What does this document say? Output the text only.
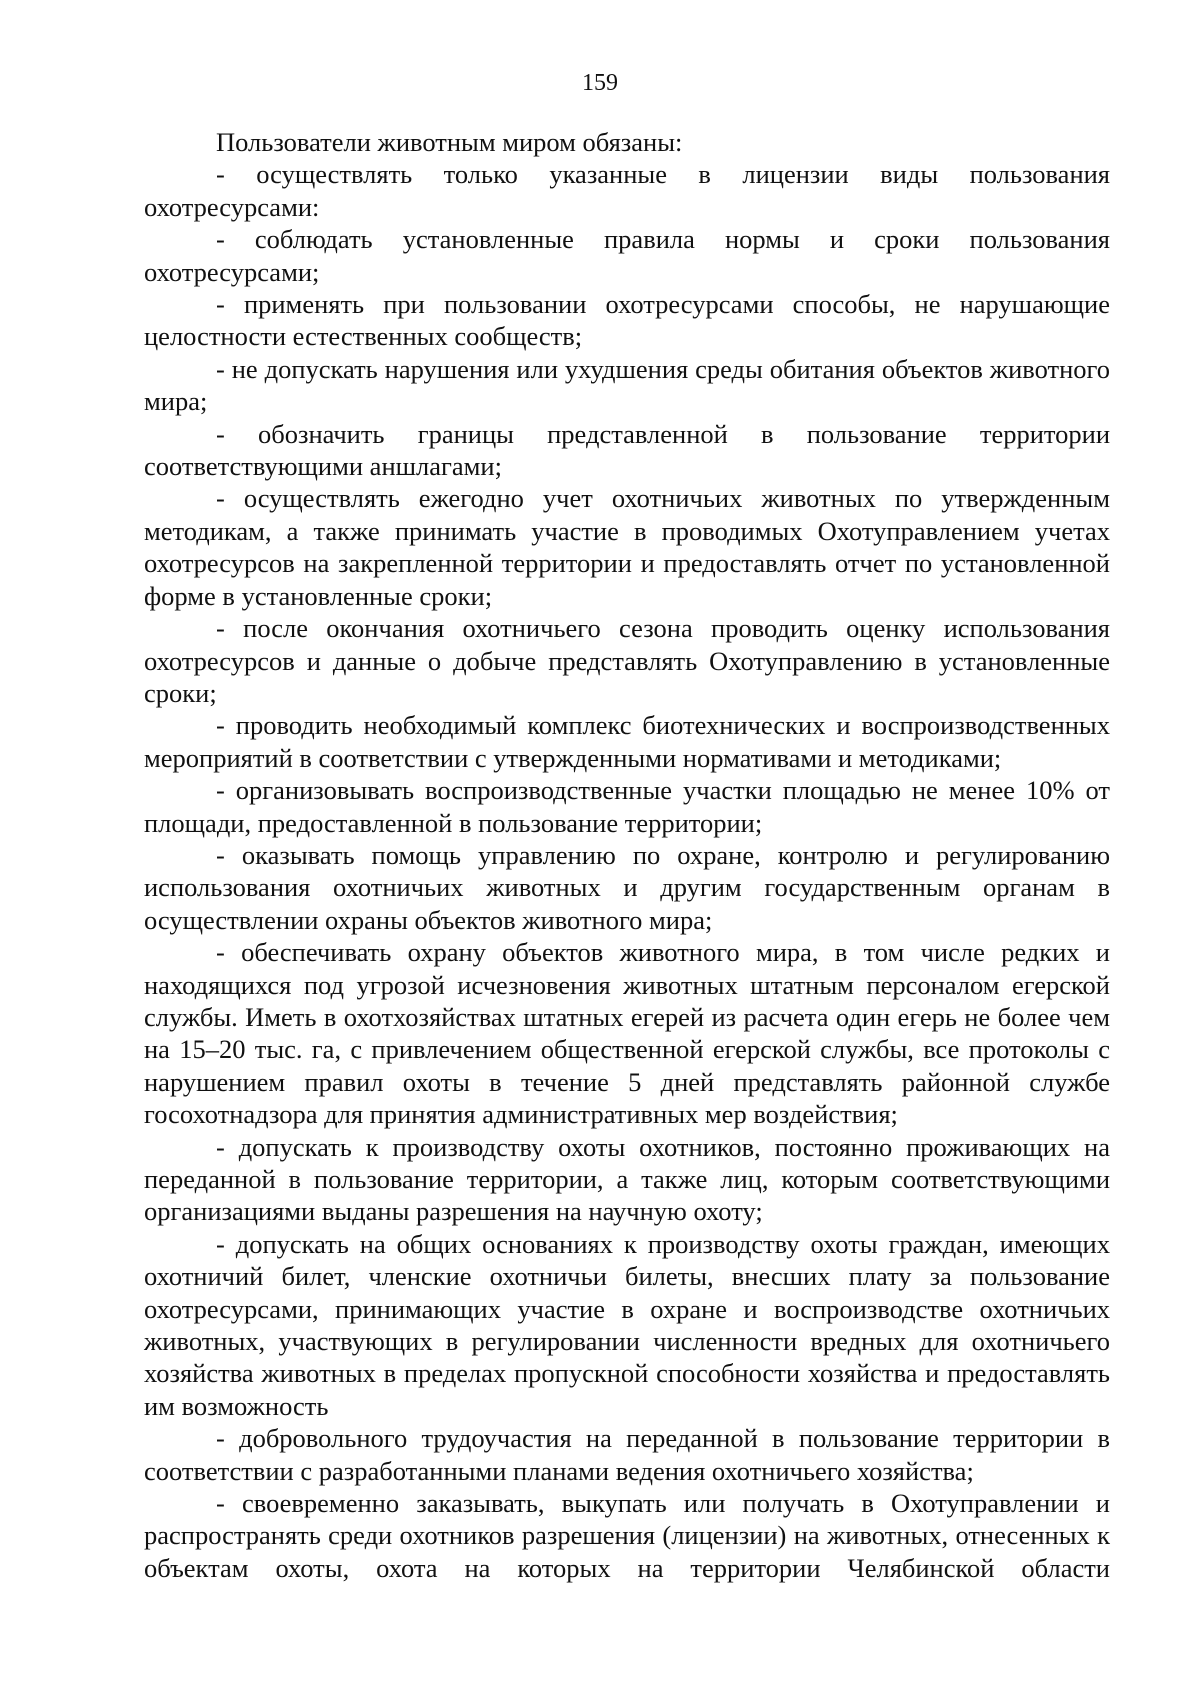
159

Пользователи животным миром обязаны:

- осуществлять только указанные в лицензии виды пользования охотресурсами:

- соблюдать установленные правила нормы и сроки пользования охотресурсами;

- применять при пользовании охотресурсами способы, не нарушающие целостности естественных сообществ;

- не допускать нарушения или ухудшения среды обитания объектов животного мира;

- обозначить границы представленной в пользование территории соответствующими аншлагами;

- осуществлять ежегодно учет охотничьих животных по утвержденным методикам, а также принимать участие в проводимых Охотуправлением учетах охотресурсов на закрепленной территории и предоставлять отчет по установленной форме в установленные сроки;

- после окончания охотничьего сезона проводить оценку использования охотресурсов и данные о добыче представлять Охотуправлению в установленные сроки;

- проводить необходимый комплекс биотехнических и воспроизводственных мероприятий в соответствии с утвержденными нормативами и методиками;

- организовывать воспроизводственные участки площадью не менее 10% от площади, предоставленной в пользование территории;

- оказывать помощь управлению по охране, контролю и регулированию использования охотничьих животных и другим государственным органам в осуществлении охраны объектов животного мира;

- обеспечивать охрану объектов животного мира, в том числе редких и находящихся под угрозой исчезновения животных штатным персоналом егерской службы. Иметь в охотхозяйствах штатных егерей из расчета один егерь не более чем на 15–20 тыс. га, с привлечением общественной егерской службы, все протоколы с нарушением правил охоты в течение 5 дней представлять районной службе госохотнадзора для принятия административных мер воздействия;

- допускать к производству охоты охотников, постоянно проживающих на переданной в пользование территории, а также лиц, которым соответствующими организациями выданы разрешения на научную охоту;

- допускать на общих основаниях к производству охоты граждан, имеющих охотничий билет, членские охотничьи билеты, внесших плату за пользование охотресурсами, принимающих участие в охране и воспроизводстве охотничьих животных, участвующих в регулировании численности вредных для охотничьего хозяйства животных в пределах пропускной способности хозяйства и предоставлять им возможность

- добровольного трудоучастия на переданной в пользование территории в соответствии с разработанными планами ведения охотничьего хозяйства;

- своевременно заказывать, выкупать или получать в Охотуправлении и распространять среди охотников разрешения (лицензии) на животных, отнесенных к объектам охоты, охота на которых на территории Челябинской области
